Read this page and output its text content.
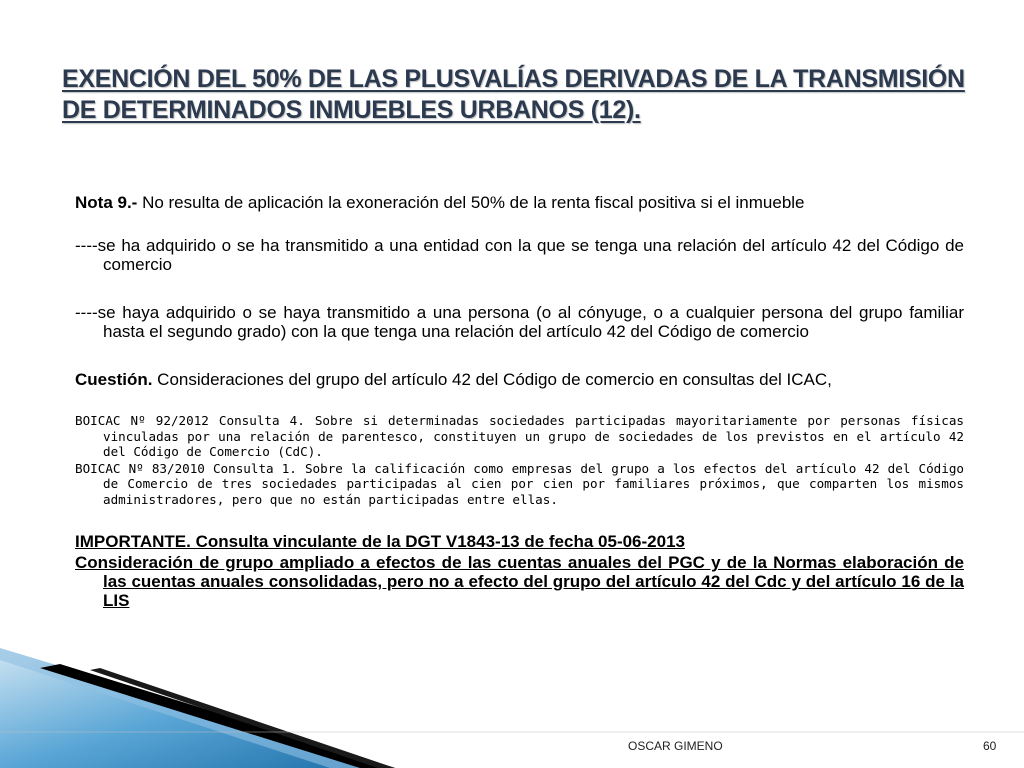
EXENCIÓN DEL 50% DE LAS PLUSVALÍAS DERIVADAS DE LA TRANSMISIÓN DE DETERMINADOS INMUEBLES URBANOS (12).

Nota 9.- No resulta de aplicación la exoneración del 50% de la renta fiscal positiva si el inmueble

----se ha adquirido o se ha transmitido a una entidad con la que se tenga una relación del artículo 42 del Código de comercio

----se haya adquirido o se haya transmitido a una persona (o al cónyuge, o a cualquier persona del grupo familiar hasta el segundo grado) con la que tenga una relación del artículo 42 del Código de comercio

Cuestión. Consideraciones del grupo del artículo 42 del Código de comercio en consultas del ICAC,

BOICAC Nº 92/2012 Consulta 4. Sobre si determinadas sociedades participadas mayoritariamente por personas físicas vinculadas por una relación de parentesco, constituyen un grupo de sociedades de los previstos en el artículo 42 del Código de Comercio (CdC).

BOICAC Nº 83/2010 Consulta 1. Sobre la calificación como empresas del grupo a los efectos del artículo 42 del Código de Comercio de tres sociedades participadas al cien por cien por familiares próximos, que comparten los mismos administradores, pero que no están participadas entre ellas.

IMPORTANTE. Consulta vinculante de la DGT V1843-13 de fecha 05-06-2013

Consideración de grupo ampliado a efectos de las cuentas anuales del PGC y de la Normas elaboración de las cuentas anuales consolidadas, pero no a efecto del grupo del artículo 42 del Cdc y del artículo 16 de la LIS

OSCAR GIMENO	60
